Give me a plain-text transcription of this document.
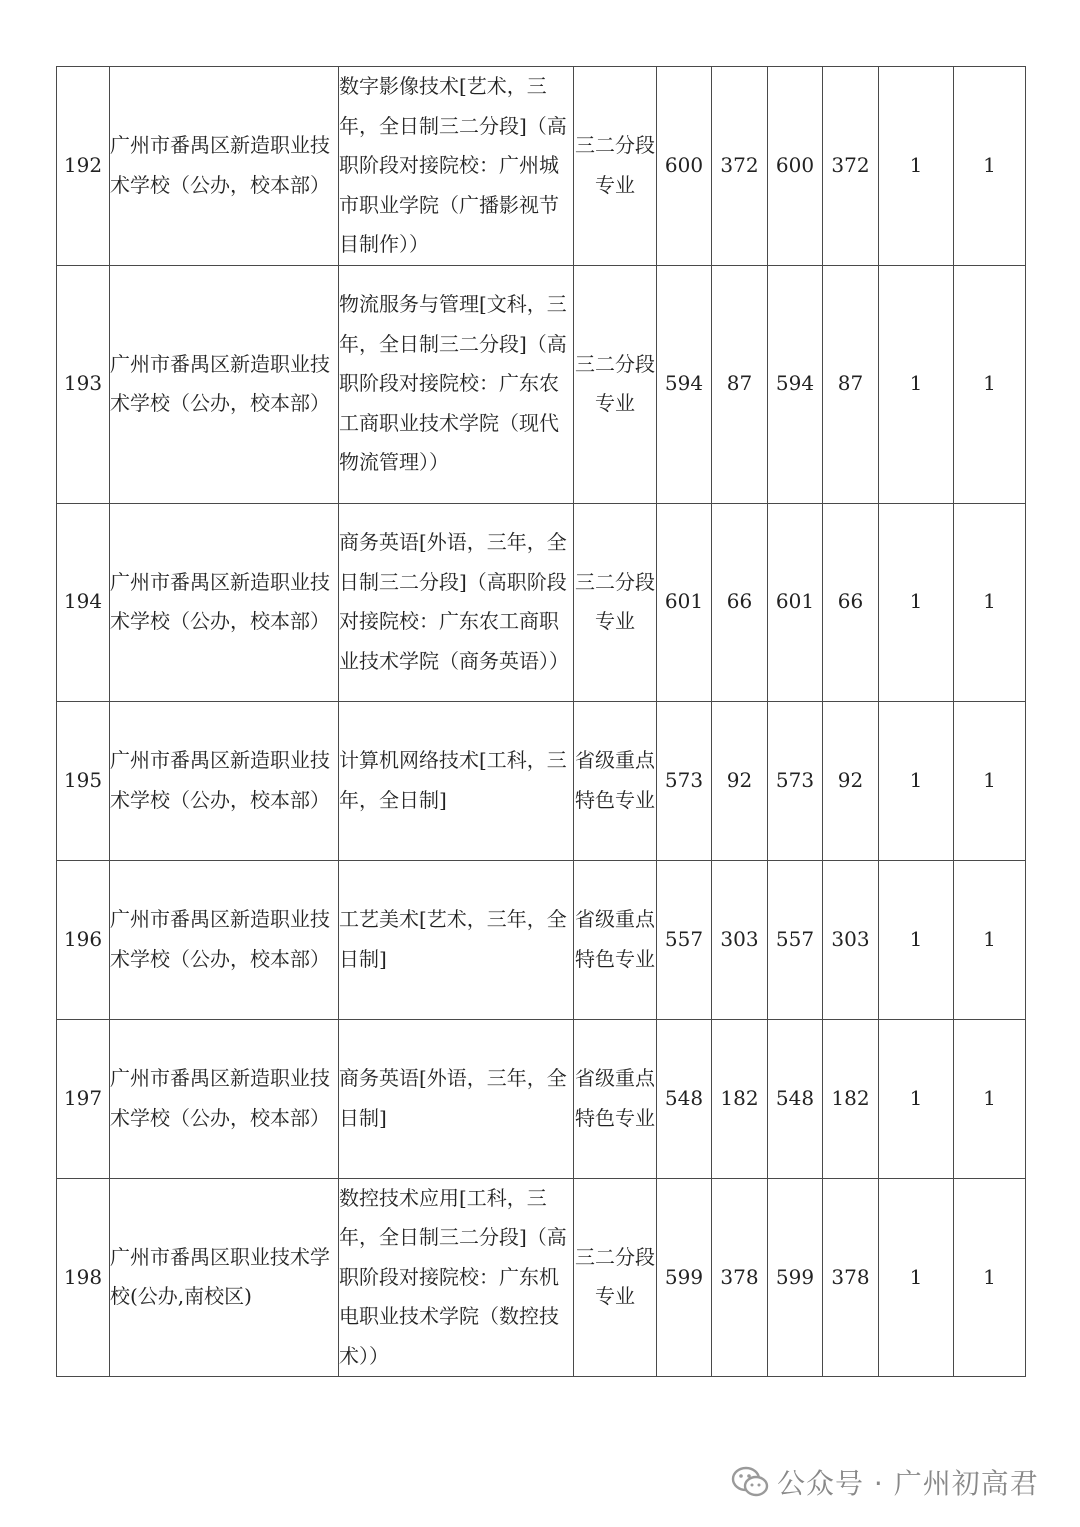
192	广州市番禺区新造职业技术学校（公办，校本部）	数字影像技术[艺术，三年，全日制三二分段]（高职阶段对接院校：广州城市职业学院（广播影视节目制作））	三二分段专业	600	372	600	372	1	1
193	广州市番禺区新造职业技术学校（公办，校本部）	物流服务与管理[文科，三年，全日制三二分段]（高职阶段对接院校：广东农工商职业技术学院（现代物流管理））	三二分段专业	594	87	594	87	1	1
194	广州市番禺区新造职业技术学校（公办，校本部）	商务英语[外语，三年，全日制三二分段]（高职阶段对接院校：广东农工商职业技术学院（商务英语））	三二分段专业	601	66	601	66	1	1
195	广州市番禺区新造职业技术学校（公办，校本部）	计算机网络技术[工科，三年，全日制]	省级重点特色专业	573	92	573	92	1	1
196	广州市番禺区新造职业技术学校（公办，校本部）	工艺美术[艺术，三年，全日制]	省级重点特色专业	557	303	557	303	1	1
197	广州市番禺区新造职业技术学校（公办，校本部）	商务英语[外语，三年，全日制]	省级重点特色专业	548	182	548	182	1	1
198	广州市番禺区职业技术学校(公办,南校区)	数控技术应用[工科，三年，全日制三二分段]（高职阶段对接院校：广东机电职业技术学院（数控技术））	三二分段专业	599	378	599	378	1	1
公众号 · 广州初高君
